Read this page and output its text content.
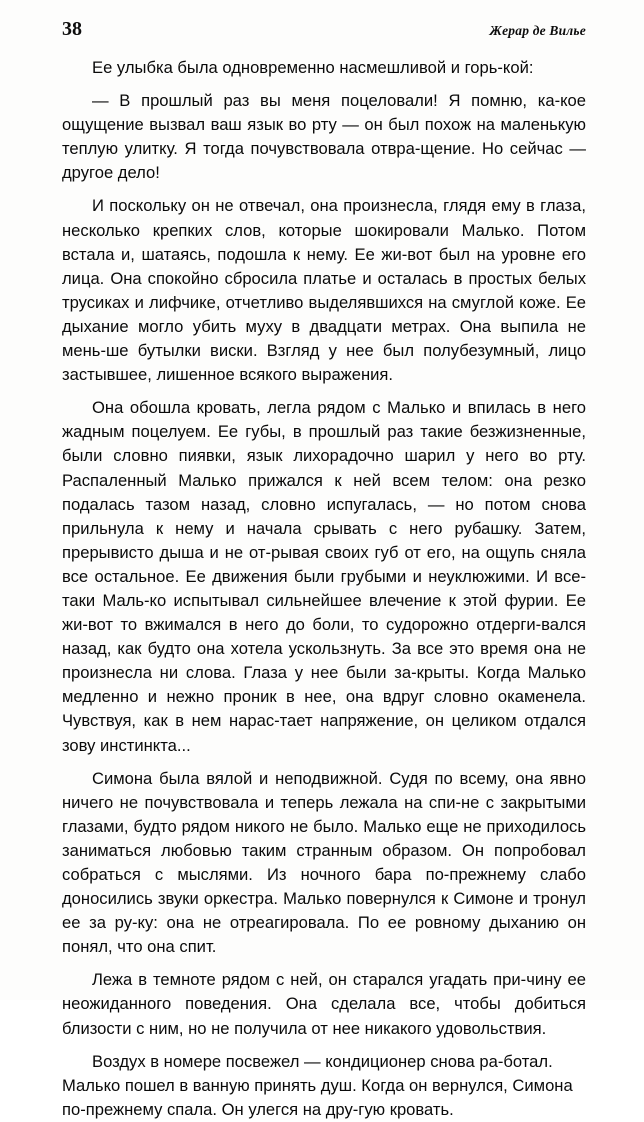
38	Жерар де Вилье

Ее улыбка была одновременно насмешливой и горь-кой:

— В прошлый раз вы меня поцеловали! Я помню, ка-кое ощущение вызвал ваш язык во рту — он был похож на маленькую теплую улитку. Я тогда почувствовала отвра-щение. Но сейчас — другое дело!

И поскольку он не отвечал, она произнесла, глядя ему в глаза, несколько крепких слов, которые шокировали Малько. Потом встала и, шатаясь, подошла к нему. Ее жи-вот был на уровне его лица. Она спокойно сбросила платье и осталась в простых белых трусиках и лифчике, отчетливо выделявшихся на смуглой коже. Ее дыхание могло убить муху в двадцати метрах. Она выпила не мень-ше бутылки виски. Взгляд у нее был полубезумный, лицо застывшее, лишенное всякого выражения.

Она обошла кровать, легла рядом с Малько и впилась в него жадным поцелуем. Ее губы, в прошлый раз такие безжизненные, были словно пиявки, язык лихорадочно шарил у него во рту. Распаленный Малько прижался к ней всем телом: она резко подалась тазом назад, словно испугалась, — но потом снова прильнула к нему и начала срывать с него рубашку. Затем, прерывисто дыша и не от-рывая своих губ от его, на ощупь сняла все остальное. Ее движения были грубыми и неуклюжими. И все-таки Маль-ко испытывал сильнейшее влечение к этой фурии. Ее жи-вот то вжимался в него до боли, то судорожно отдерги-вался назад, как будто она хотела ускользнуть. За все это время она не произнесла ни слова. Глаза у нее были за-крыты. Когда Малько медленно и нежно проник в нее, она вдруг словно окаменела. Чувствуя, как в нем нарас-тает напряжение, он целиком отдался зову инстинкта...

Симона была вялой и неподвижной. Судя по всему, она явно ничего не почувствовала и теперь лежала на спи-не с закрытыми глазами, будто рядом никого не было. Малько еще не приходилось заниматься любовью таким странным образом. Он попробовал собраться с мыслями. Из ночного бара по-прежнему слабо доносились звуки оркестра. Малько повернулся к Симоне и тронул ее за ру-ку: она не отреагировала. По ее ровному дыханию он понял, что она спит.

Лежа в темноте рядом с ней, он старался угадать при-чину ее неожиданного поведения. Она сделала все, чтобы добиться близости с ним, но не получила от нее никакого удовольствия.

Воздух в номере посвежел — кондиционер снова ра-ботал. Малько пошел в ванную принять душ. Когда он вернулся, Симона по-прежнему спала. Он улегся на дру-гую кровать.
